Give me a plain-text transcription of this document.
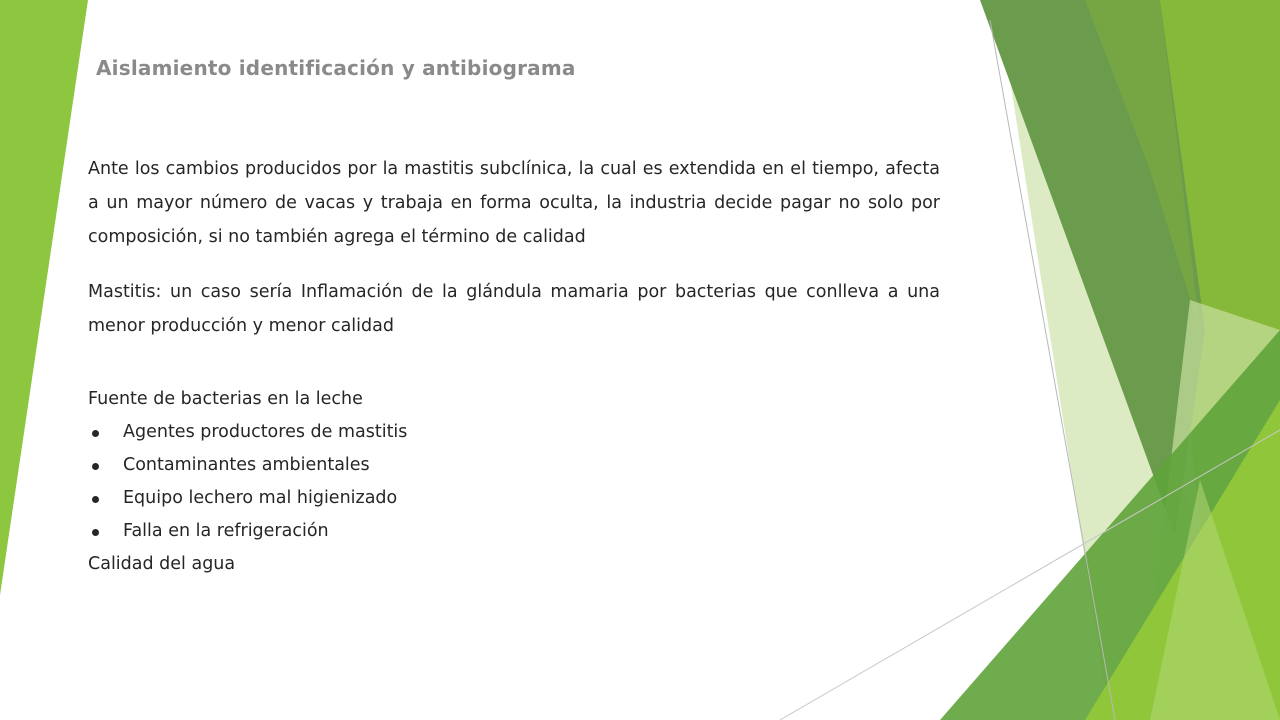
Aislamiento identificación y antibiograma

Ante los cambios producidos por la mastitis subclínica, la cual es extendida en el tiempo, afecta a un mayor número de vacas y trabaja en forma oculta, la industria decide pagar no solo por composición, si no también agrega el término de calidad

Mastitis: un caso sería Inflamación de la glándula mamaria por bacterias que conlleva a una menor producción y menor calidad

Fuente de bacterias en la leche
Agentes productores de mastitis
Contaminantes ambientales
Equipo lechero mal higienizado
Falla en la refrigeración
Calidad del agua
